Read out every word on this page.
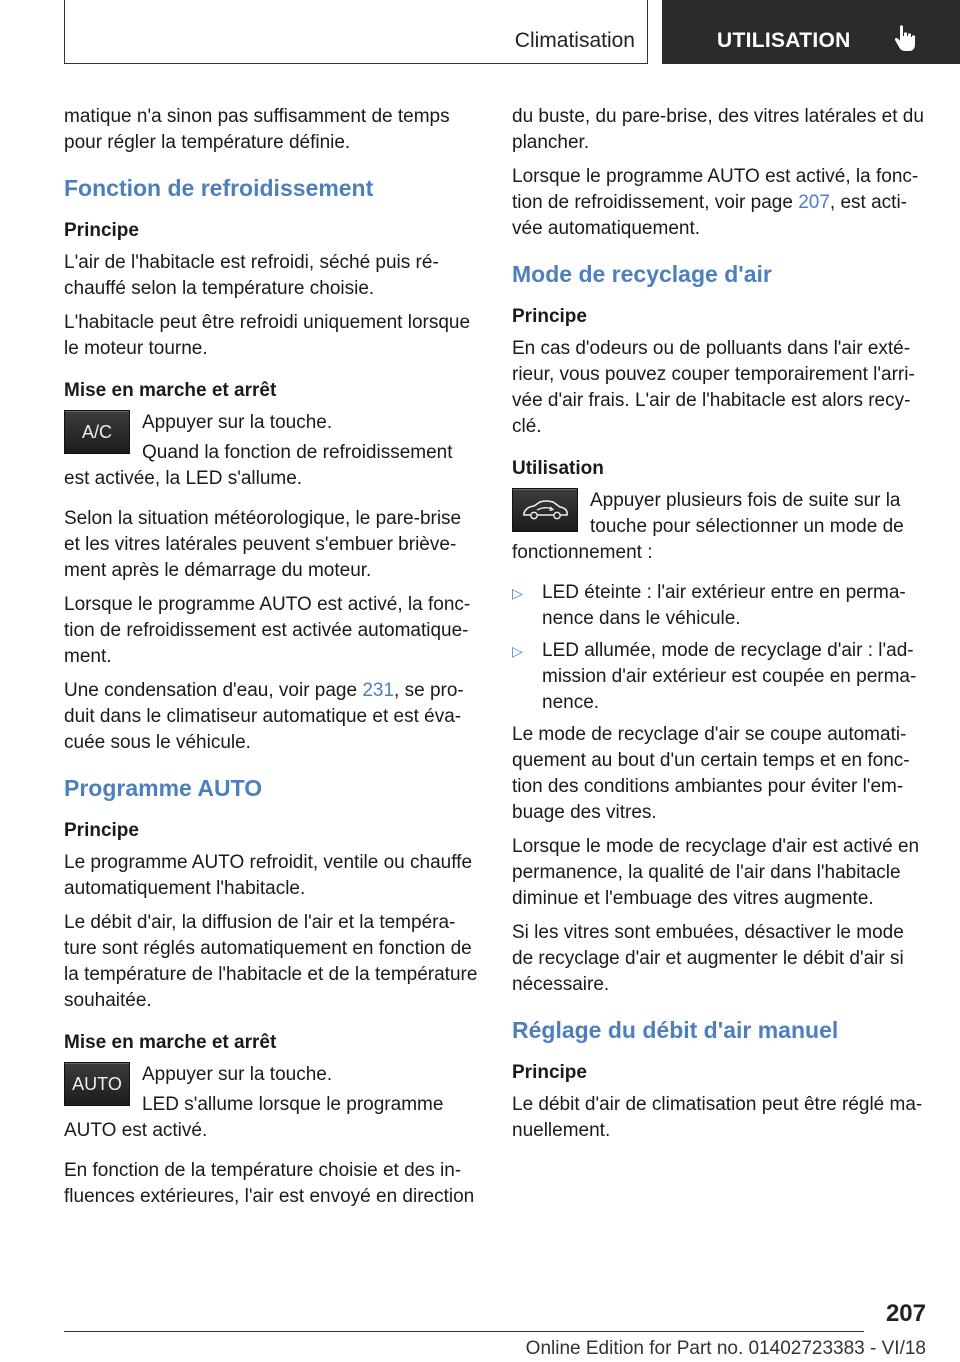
Climatisation	UTILISATION

matique n'a sinon pas suffisamment de temps pour régler la température définie.

Fonction de refroidissement
Principe

L'air de l'habitacle est refroidi, séché puis réchauffé selon la température choisie.

L'habitacle peut être refroidi uniquement lorsque le moteur tourne.

Mise en marche et arrêt
A/C	Appuyer sur la touche.

Quand la fonction de refroidissement est activée, la LED s'allume.

Selon la situation météorologique, le pare-brise et les vitres latérales peuvent s'embuer brièvement après le démarrage du moteur.

Lorsque le programme AUTO est activé, la fonction de refroidissement est activée automatiquement.

Une condensation d'eau, voir page 231, se produit dans le climatiseur automatique et est évacuée sous le véhicule.

Programme AUTO
Principe

Le programme AUTO refroidit, ventile ou chauffe automatiquement l'habitacle.

Le débit d'air, la diffusion de l'air et la température sont réglés automatiquement en fonction de la température de l'habitacle et de la température souhaitée.

Mise en marche et arrêt
AUTO	Appuyer sur la touche.

LED s'allume lorsque le programme AUTO est activé.

En fonction de la température choisie et des influences extérieures, l'air est envoyé en direction

du buste, du pare-brise, des vitres latérales et du plancher.

Lorsque le programme AUTO est activé, la fonction de refroidissement, voir page 207, est activée automatiquement.

Mode de recyclage d'air
Principe

En cas d'odeurs ou de polluants dans l'air extérieur, vous pouvez couper temporairement l'arrivée d'air frais. L'air de l'habitacle est alors recyclé.

Utilisation

Appuyer plusieurs fois de suite sur la touche pour sélectionner un mode de fonctionnement :

▷ LED éteinte : l'air extérieur entre en permanence dans le véhicule.
▷ LED allumée, mode de recyclage d'air : l'admission d'air extérieur est coupée en permanence.

Le mode de recyclage d'air se coupe automatiquement au bout d'un certain temps et en fonction des conditions ambiantes pour éviter l'embuage des vitres.

Lorsque le mode de recyclage d'air est activé en permanence, la qualité de l'air dans l'habitacle diminue et l'embuage des vitres augmente.

Si les vitres sont embuées, désactiver le mode de recyclage d'air et augmenter le débit d'air si nécessaire.

Réglage du débit d'air manuel
Principe

Le débit d'air de climatisation peut être réglé manuellement.

207
Online Edition for Part no. 01402723383 - VI/18
